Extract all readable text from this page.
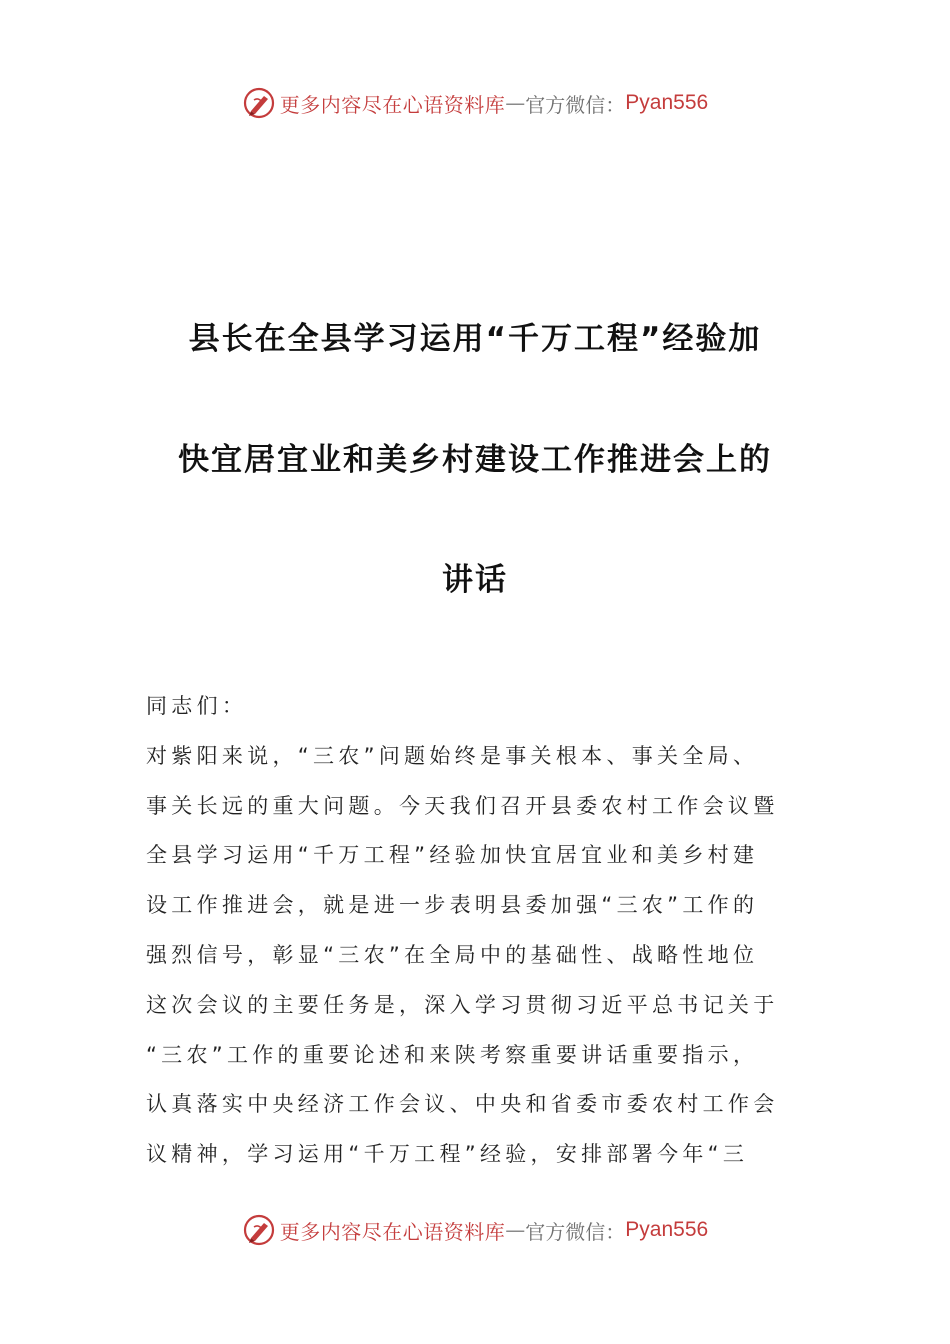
更多内容尽在心语资料库 — 官方微信： Pyan556
县长在全县学习运用“千万工程”经验加
快宜居宜业和美乡村建设工作推进会上的
讲话
同志们：
对紫阳来说，“三农”问题始终是事关根本、事关全局、
事关长远的重大问题。今天我们召开县委农村工作会议暨
全县学习运用“千万工程”经验加快宜居宜业和美乡村建
设工作推进会，就是进一步表明县委加强“三农”工作的
强烈信号，彰显“三农”在全局中的基础性、战略性地位
这次会议的主要任务是，深入学习贯彻习近平总书记关于
“三农”工作的重要论述和来陕考察重要讲话重要指示，
认真落实中央经济工作会议、中央和省委市委农村工作会
议精神，学习运用“千万工程”经验，安排部署今年“三
更多内容尽在心语资料库 — 官方微信： Pyan556
